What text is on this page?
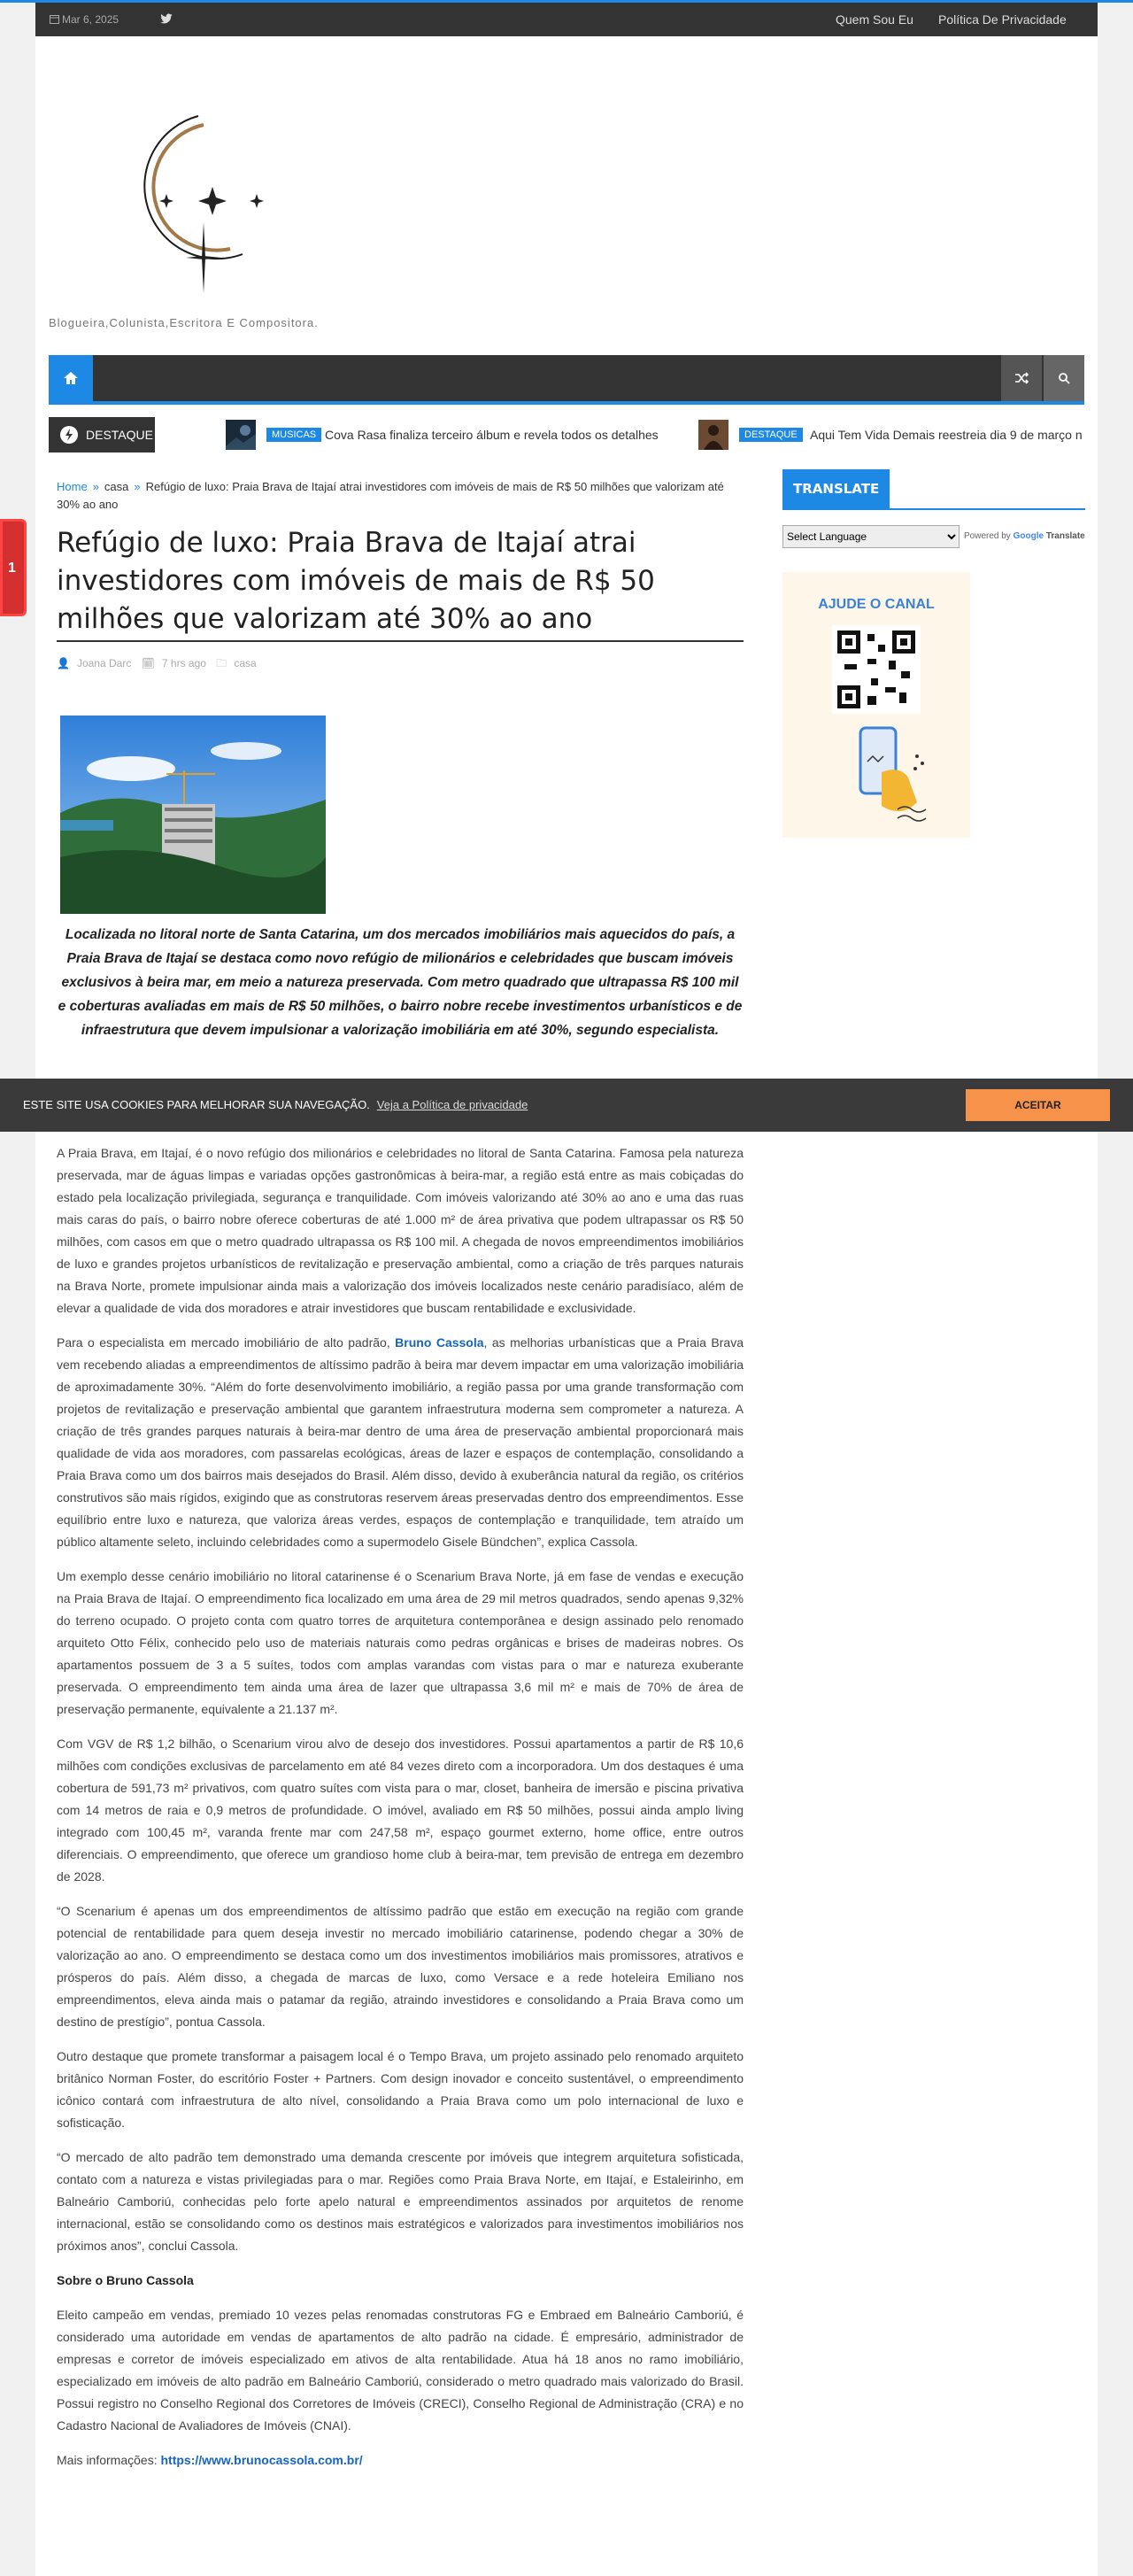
Mar 6, 2025	Quem Sou Eu Política De Privacidade
Blogueira,Colunista,Escritora E Compositora.
DESTAQUE	MUSICAS Cova Rasa finaliza terceiro álbum e revela todos os detalhes	DESTAQUE	Aqui Tem Vida Demais reestreia dia 9 de março n
1
Home » casa » Refúgio de luxo: Praia Brava de Itajaí atrai investidores com imóveis de mais de R$ 50 milhões que valorizam até 30% ao ano
Refúgio de luxo: Praia Brava de Itajaí atrai investidores com imóveis de mais de R$ 50 milhões que valorizam até 30% ao ano
👤 Joana Darc 🗓 7 hrs ago 🗀 casa
Localizada no litoral norte de Santa Catarina, um dos mercados imobiliários mais aquecidos do país, a Praia Brava de Itajaí se destaca como novo refúgio de milionários e celebridades que buscam imóveis exclusivos à beira mar, em meio a natureza preservada. Com metro quadrado que ultrapassa R$ 100 mil e coberturas avaliadas em mais de R$ 50 milhões, o bairro nobre recebe investimentos urbanísticos e de infraestrutura que devem impulsionar a valorização imobiliária em até 30%, segundo especialista.
TRANSLATE
Select Language
Powered by Google Translate
AJUDE O CANAL
ESTE SITE USA COOKIES PARA MELHORAR SUA NAVEGAÇÃO. Veja a Política de privacidade	ACEITAR

A Praia Brava, em Itajaí, é o novo refúgio dos milionários e celebridades no litoral de Santa Catarina. Famosa pela natureza preservada, mar de águas limpas e variadas opções gastronômicas à beira-mar, a região está entre as mais cobiçadas do estado pela localização privilegiada, segurança e tranquilidade. Com imóveis valorizando até 30% ao ano e uma das ruas mais caras do país, o bairro nobre oferece coberturas de até 1.000 m² de área privativa que podem ultrapassar os R$ 50 milhões, com casos em que o metro quadrado ultrapassa os R$ 100 mil. A chegada de novos empreendimentos imobiliários de luxo e grandes projetos urbanísticos de revitalização e preservação ambiental, como a criação de três parques naturais na Brava Norte, promete impulsionar ainda mais a valorização dos imóveis localizados neste cenário paradisíaco, além de elevar a qualidade de vida dos moradores e atrair investidores que buscam rentabilidade e exclusividade.

Para o especialista em mercado imobiliário de alto padrão, Bruno Cassola, as melhorias urbanísticas que a Praia Brava vem recebendo aliadas a empreendimentos de altíssimo padrão à beira mar devem impactar em uma valorização imobiliária de aproximadamente 30%. “Além do forte desenvolvimento imobiliário, a região passa por uma grande transformação com projetos de revitalização e preservação ambiental que garantem infraestrutura moderna sem comprometer a natureza. A criação de três grandes parques naturais à beira-mar dentro de uma área de preservação ambiental proporcionará mais qualidade de vida aos moradores, com passarelas ecológicas, áreas de lazer e espaços de contemplação, consolidando a Praia Brava como um dos bairros mais desejados do Brasil. Além disso, devido à exuberância natural da região, os critérios construtivos são mais rígidos, exigindo que as construtoras reservem áreas preservadas dentro dos empreendimentos. Esse equilíbrio entre luxo e natureza, que valoriza áreas verdes, espaços de contemplação e tranquilidade, tem atraído um público altamente seleto, incluindo celebridades como a supermodelo Gisele Bündchen”, explica Cassola.

Um exemplo desse cenário imobiliário no litoral catarinense é o Scenarium Brava Norte, já em fase de vendas e execução na Praia Brava de Itajaí. O empreendimento fica localizado em uma área de 29 mil metros quadrados, sendo apenas 9,32% do terreno ocupado. O projeto conta com quatro torres de arquitetura contemporânea e design assinado pelo renomado arquiteto Otto Félix, conhecido pelo uso de materiais naturais como pedras orgânicas e brises de madeiras nobres. Os apartamentos possuem de 3 a 5 suítes, todos com amplas varandas com vistas para o mar e natureza exuberante preservada. O empreendimento tem ainda uma área de lazer que ultrapassa 3,6 mil m² e mais de 70% de área de preservação permanente, equivalente a 21.137 m².

Com VGV de R$ 1,2 bilhão, o Scenarium virou alvo de desejo dos investidores. Possui apartamentos a partir de R$ 10,6 milhões com condições exclusivas de parcelamento em até 84 vezes direto com a incorporadora. Um dos destaques é uma cobertura de 591,73 m² privativos, com quatro suítes com vista para o mar, closet, banheira de imersão e piscina privativa com 14 metros de raia e 0,9 metros de profundidade. O imóvel, avaliado em R$ 50 milhões, possui ainda amplo living integrado com 100,45 m², varanda frente mar com 247,58 m², espaço gourmet externo, home office, entre outros diferenciais. O empreendimento, que oferece um grandioso home club à beira-mar, tem previsão de entrega em dezembro de 2028.

“O Scenarium é apenas um dos empreendimentos de altíssimo padrão que estão em execução na região com grande potencial de rentabilidade para quem deseja investir no mercado imobiliário catarinense, podendo chegar a 30% de valorização ao ano. O empreendimento se destaca como um dos investimentos imobiliários mais promissores, atrativos e prósperos do país. Além disso, a chegada de marcas de luxo, como Versace e a rede hoteleira Emiliano nos empreendimentos, eleva ainda mais o patamar da região, atraindo investidores e consolidando a Praia Brava como um destino de prestígio”, pontua Cassola.

Outro destaque que promete transformar a paisagem local é o Tempo Brava, um projeto assinado pelo renomado arquiteto britânico Norman Foster, do escritório Foster + Partners. Com design inovador e conceito sustentável, o empreendimento icônico contará com infraestrutura de alto nível, consolidando a Praia Brava como um polo internacional de luxo e sofisticação.

“O mercado de alto padrão tem demonstrado uma demanda crescente por imóveis que integrem arquitetura sofisticada, contato com a natureza e vistas privilegiadas para o mar. Regiões como Praia Brava Norte, em Itajaí, e Estaleirinho, em Balneário Camboriú, conhecidas pelo forte apelo natural e empreendimentos assinados por arquitetos de renome internacional, estão se consolidando como os destinos mais estratégicos e valorizados para investimentos imobiliários nos próximos anos”, conclui Cassola.

Sobre o Bruno Cassola

Eleito campeão em vendas, premiado 10 vezes pelas renomadas construtoras FG e Embraed em Balneário Camboriú, é considerado uma autoridade em vendas de apartamentos de alto padrão na cidade. É empresário, administrador de empresas e corretor de imóveis especializado em ativos de alta rentabilidade. Atua há 18 anos no ramo imobiliário, especializado em imóveis de alto padrão em Balneário Camboriú, considerado o metro quadrado mais valorizado do Brasil. Possui registro no Conselho Regional dos Corretores de Imóveis (CRECI), Conselho Regional de Administração (CRA) e no Cadastro Nacional de Avaliadores de Imóveis (CNAI).

Mais informações: https://www.brunocassola.com.br/
